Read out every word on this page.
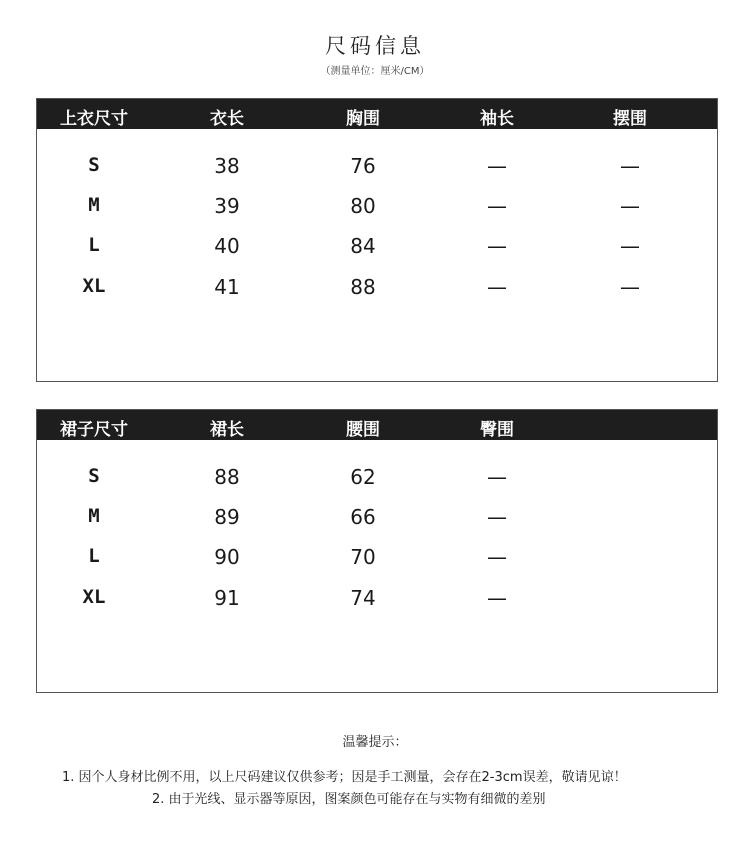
尺码信息
（测量单位：厘米/CM）
上衣尺寸	衣长	胸围	袖长	摆围
S	38	76	—	—
M	39	80	—	—
L	40	84	—	—
XL	41	88	—	—
裙子尺寸	裙长	腰围	臀围
S	88	62	—
M	89	66	—
L	90	70	—
XL	91	74	—
温馨提示：
1. 因个人身材比例不用，以上尺码建议仅供参考；因是手工测量，会存在2-3cm误差，敬请见谅！
2. 由于光线、显示器等原因，图案颜色可能存在与实物有细微的差别
